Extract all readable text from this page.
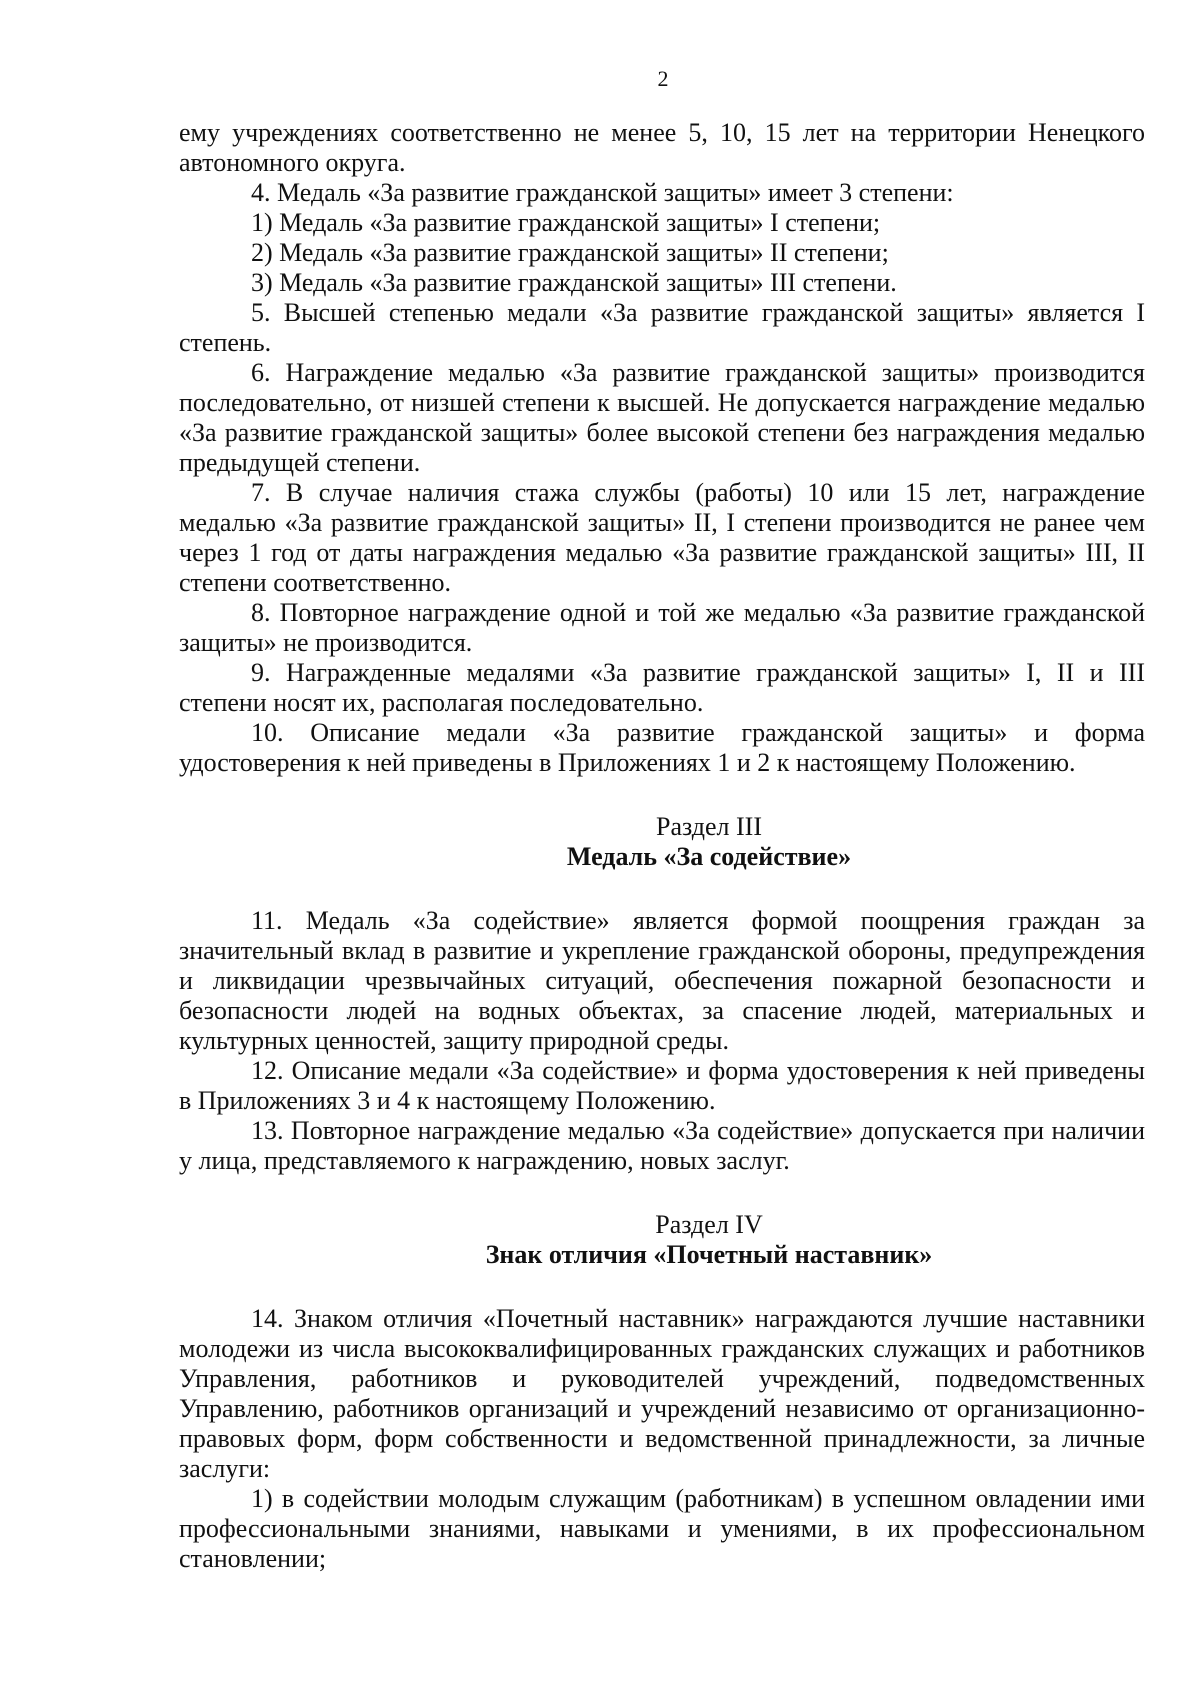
2

ему учреждениях соответственно не менее 5, 10, 15 лет на территории Ненецкого автономного округа.

4. Медаль «За развитие гражданской защиты» имеет 3 степени:

1) Медаль «За развитие гражданской защиты» I степени;

2) Медаль «За развитие гражданской защиты» II степени;

3) Медаль «За развитие гражданской защиты» III степени.

5. Высшей степенью медали «За развитие гражданской защиты» является I степень.

6. Награждение медалью «За развитие гражданской защиты» производится последовательно, от низшей степени к высшей. Не допускается награждение медалью «За развитие гражданской защиты» более высокой степени без награждения медалью предыдущей степени.

7. В случае наличия стажа службы (работы) 10 или 15 лет, награждение медалью «За развитие гражданской защиты» II, I степени производится не ранее чем через 1 год от даты награждения медалью «За развитие гражданской защиты» III, II степени соответственно.

8. Повторное награждение одной и той же медалью «За развитие гражданской защиты» не производится.

9. Награжденные медалями «За развитие гражданской защиты» I, II и III степени носят их, располагая последовательно.

10. Описание медали «За развитие гражданской защиты» и форма удостоверения к ней приведены в Приложениях 1 и 2 к настоящему Положению.

Раздел III
Медаль «За содействие»

11. Медаль «За содействие» является формой поощрения граждан за значительный вклад в развитие и укрепление гражданской обороны, предупреждения и ликвидации чрезвычайных ситуаций, обеспечения пожарной безопасности и безопасности людей на водных объектах, за спасение людей, материальных и культурных ценностей, защиту природной среды.

12. Описание медали «За содействие» и форма удостоверения к ней приведены в Приложениях 3 и 4 к настоящему Положению.

13. Повторное награждение медалью «За содействие» допускается при наличии у лица, представляемого к награждению, новых заслуг.

Раздел IV
Знак отличия «Почетный наставник»

14. Знаком отличия «Почетный наставник» награждаются лучшие наставники молодежи из числа высококвалифицированных гражданских служащих и работников Управления, работников и руководителей учреждений, подведомственных Управлению, работников организаций и учреждений независимо от организационно-правовых форм, форм собственности и ведомственной принадлежности, за личные заслуги:

1) в содействии молодым служащим (работникам) в успешном овладении ими профессиональными знаниями, навыками и умениями, в их профессиональном становлении;
